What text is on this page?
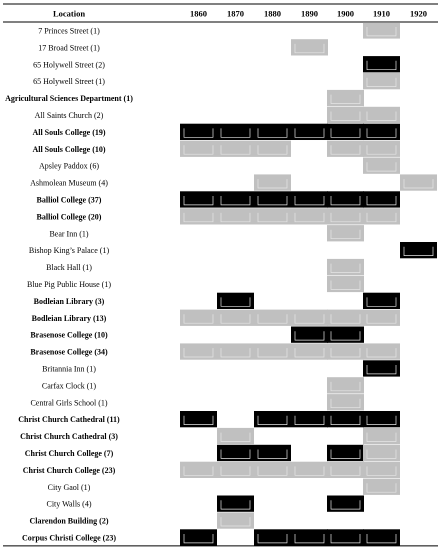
Location	1860 1870 1880 1890 1900 1910 1920
7 Princes Street (1)
17 Broad Street (1)
65 Holywell Street (2)
65 Holywell Street (1)
Agricultural Sciences Department (1)
All Saints Church (2)
All Souls College (19)
All Souls College (10)
Apsley Paddox (6)
Ashmolean Museum (4)
Balliol College (37)
Balliol College (20)
Bear Inn (1)
Bishop King’s Palace (1)
Black Hall (1)
Blue Pig Public House (1)
Bodleian Library (3)
Bodleian Library (13)
Brasenose College (10)
Brasenose College (34)
Britannia Inn (1)
Carfax Clock (1)
Central Girls School (1)
Christ Church Cathedral (11)
Christ Church Cathedral (3)
Christ Church College (7)
Christ Church College (23)
City Gaol (1)
City Walls (4)
Clarendon Building (2)
Corpus Christi College (23)
